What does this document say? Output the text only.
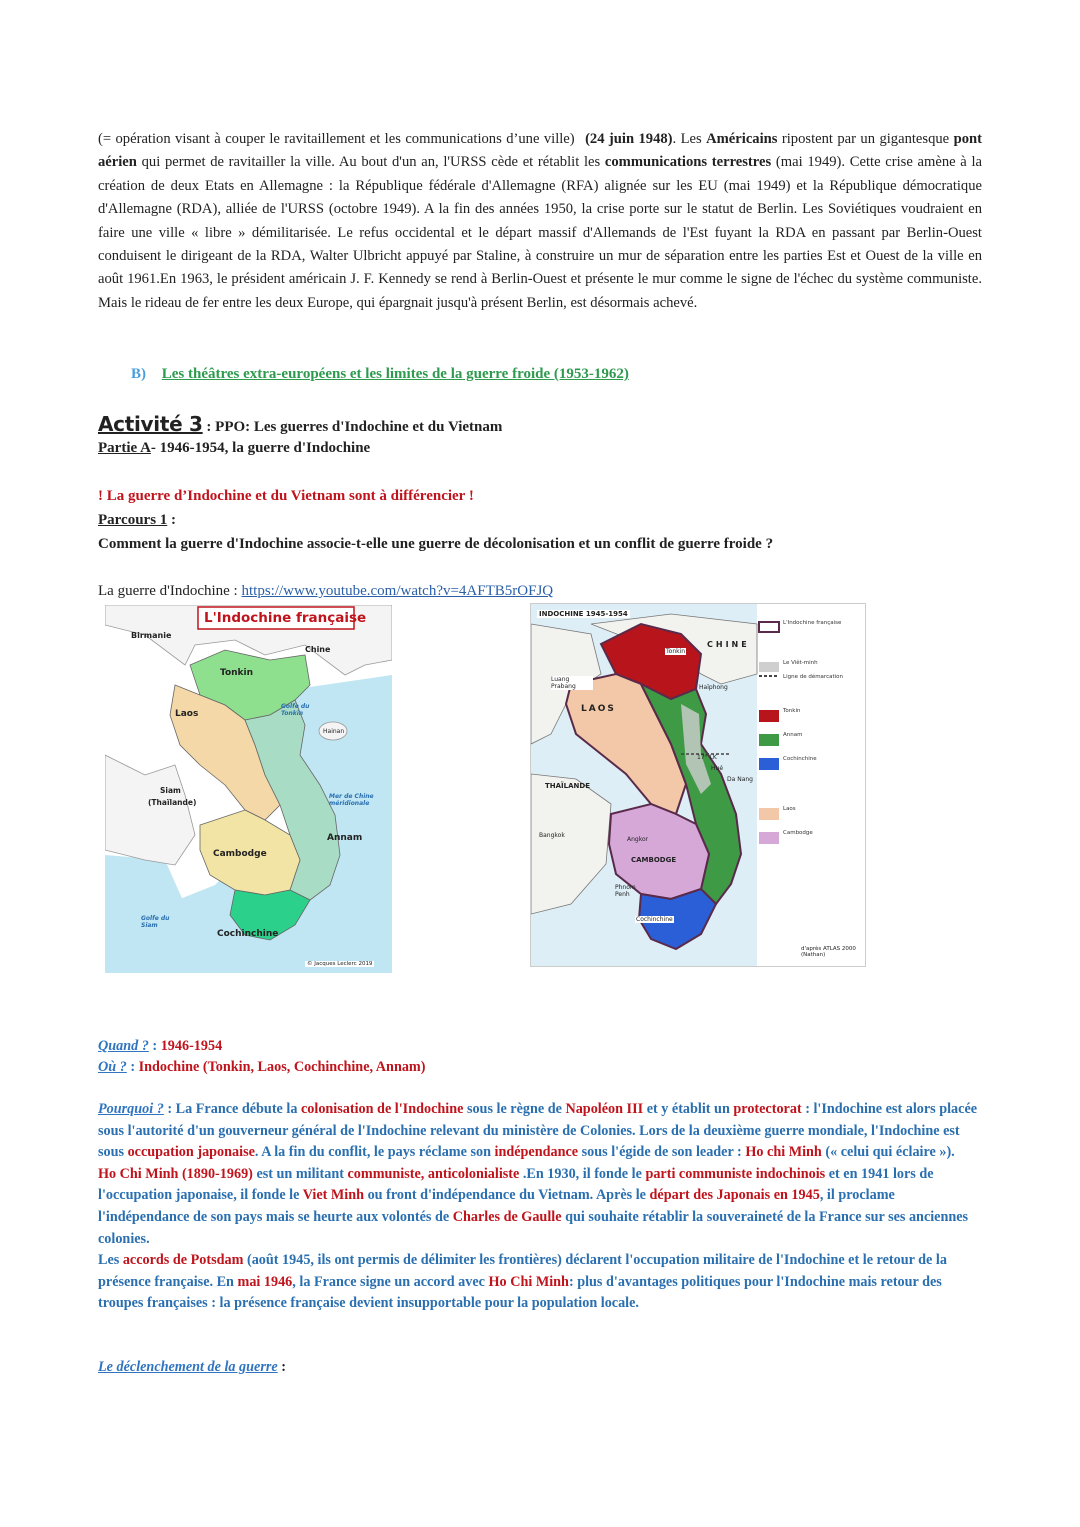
(= opération visant à couper le ravitaillement et les communications d’une ville) (24 juin 1948). Les Américains ripostent par un gigantesque pont aérien qui permet de ravitailler la ville. Au bout d'un an, l'URSS cède et rétablit les communications terrestres (mai 1949). Cette crise amène à la création de deux Etats en Allemagne : la République fédérale d'Allemagne (RFA) alignée sur les EU (mai 1949) et la République démocratique d'Allemagne (RDA), alliée de l'URSS (octobre 1949). A la fin des années 1950, la crise porte sur le statut de Berlin. Les Soviétiques voudraient en faire une ville « libre » démilitarisée. Le refus occidental et le départ massif d'Allemands de l'Est fuyant la RDA en passant par Berlin-Ouest conduisent le dirigeant de la RDA, Walter Ulbricht appuyé par Staline, à construire un mur de séparation entre les parties Est et Ouest de la ville en août 1961.En 1963, le président américain J. F. Kennedy se rend à Berlin-Ouest et présente le mur comme le signe de l'échec du système communiste. Mais le rideau de fer entre les deux Europe, qui épargnait jusqu'à présent Berlin, est désormais achevé.

B) Les théâtres extra-européens et les limites de la guerre froide (1953-1962)
Activité 3 : PPO: Les guerres d'Indochine et du Vietnam
Partie A- 1946-1954, la guerre d'Indochine
! La guerre d’Indochine et du Vietnam sont à différencier !
Parcours 1 :
Comment la guerre d'Indochine associe-t-elle une guerre de décolonisation et un conflit de guerre froide ?
La guerre d'Indochine : https://www.youtube.com/watch?v=4AFTB5rOFJQ
L'Indochine française
Birmanie
Chine
Tonkin
Laos
Golfe du Tonkin
Hainan
Siam
(Thaïlande)
Mer de Chine méridionale
Annam
Cambodge
Golfe du Siam
Cochinchine
© Jacques Leclerc 2019
INDOCHINE 1945-1954
CHINE
Tonkin
Luang Prabang	Haïphong
LAOS
17° LK
Hué
Da Nang
THAÏLANDE
Bangkok
Angkor
CAMBODGE
Phnom Penh
Cochinchine
L'Indochine française
Le Viêt-minh
Ligne de démarcation
Tonkin
Annam
Cochinchine
Laos
Cambodge
d'après ATLAS 2000 (Nathan)
Quand ? : 1946-1954
Où ? : Indochine (Tonkin, Laos, Cochinchine, Annam)
Pourquoi ? : La France débute la colonisation de l'Indochine sous le règne de Napoléon III et y établit un protectorat : l'Indochine est alors placée sous l'autorité d'un gouverneur général de l'Indochine relevant du ministère de Colonies. Lors de la deuxième guerre mondiale, l'Indochine est sous occupation japonaise. A la fin du conflit, le pays réclame son indépendance sous l'égide de son leader : Ho chi Minh (« celui qui éclaire »).
Ho Chi Minh (1890-1969) est un militant communiste, anticolonialiste .En 1930, il fonde le parti communiste indochinois et en 1941 lors de l'occupation japonaise, il fonde le Viet Minh ou front d'indépendance du Vietnam. Après le départ des Japonais en 1945, il proclame l'indépendance de son pays mais se heurte aux volontés de Charles de Gaulle qui souhaite rétablir la souveraineté de la France sur ses anciennes colonies.
Les accords de Potsdam (août 1945, ils ont permis de délimiter les frontières) déclarent l'occupation militaire de l'Indochine et le retour de la présence française. En mai 1946, la France signe un accord avec Ho Chi Minh: plus d'avantages politiques pour l'Indochine mais retour des troupes françaises : la présence française devient insupportable pour la population locale.
Le déclenchement de la guerre :
